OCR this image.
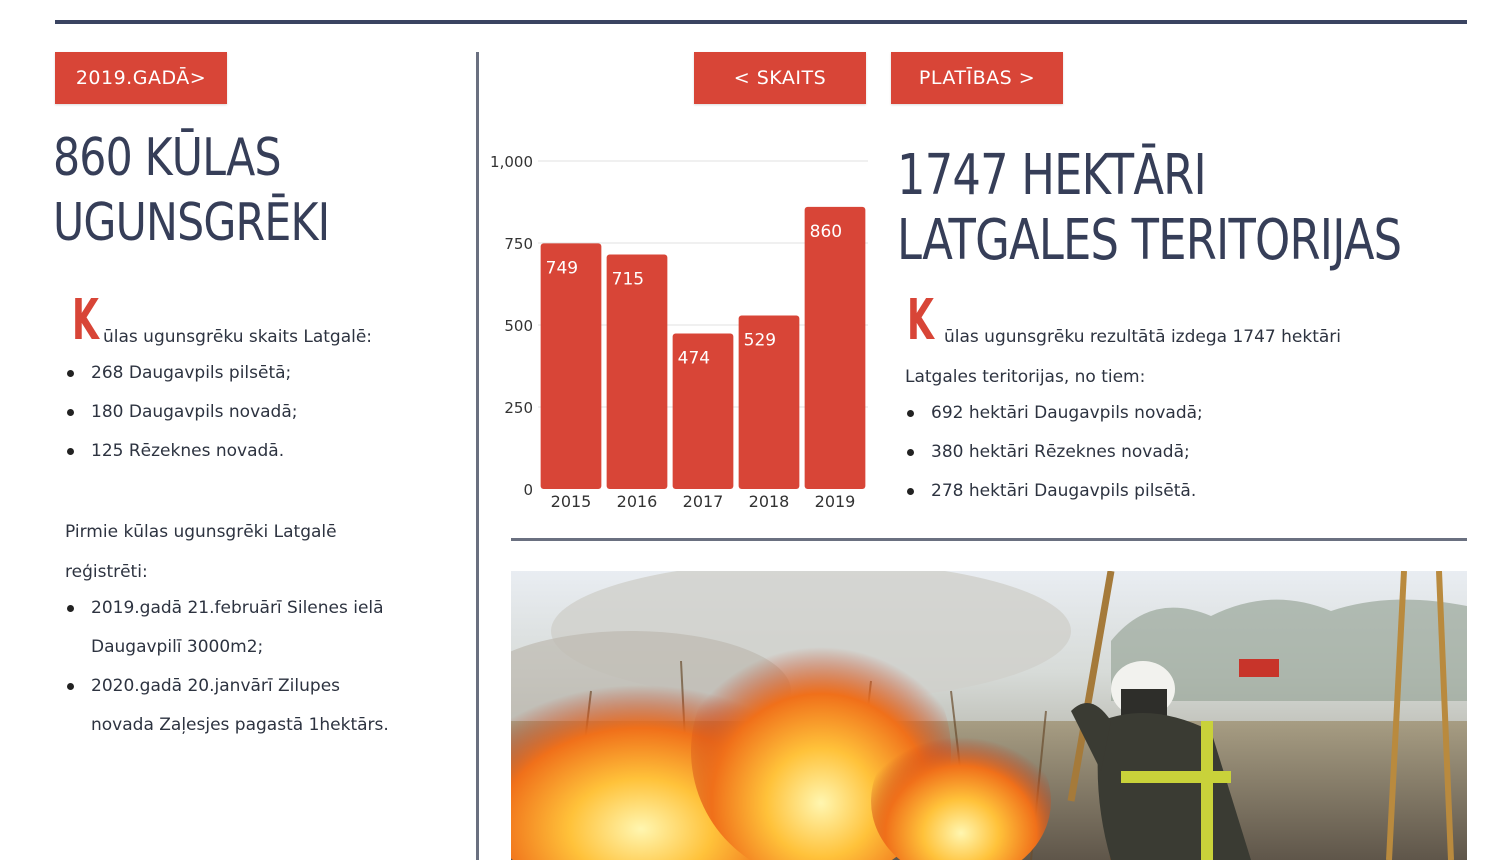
2019.GADĀ>	< SKAITS	PLATĪBAS >
860 KŪLAS
UGUNSGRĒKI
K ūlas ugunsgrēku skaits Latgalē:
268 Daugavpils pilsētā;
180 Daugavpils novadā;
125 Rēzeknes novadā.
Pirmie kūlas ugunsgrēki Latgalē
reģistrēti:
2019.gadā 21.februārī Silenes ielā
Daugavpilī 3000m2;
2020.gadā 20.janvārī Zilupes
novada Zaļesjes pagastā 1hektārs.
0
250
500
750
1,000
749
715
474
529
860
2015 2016 2017 2018 2019
1747 HEKTĀRI
LATGALES TERITORIJAS
K ūlas ugunsgrēku rezultātā izdega 1747 hektāri
Latgales teritorijas, no tiem:
692 hektāri Daugavpils novadā;
380 hektāri Rēzeknes novadā;
278 hektāri Daugavpils pilsētā.
